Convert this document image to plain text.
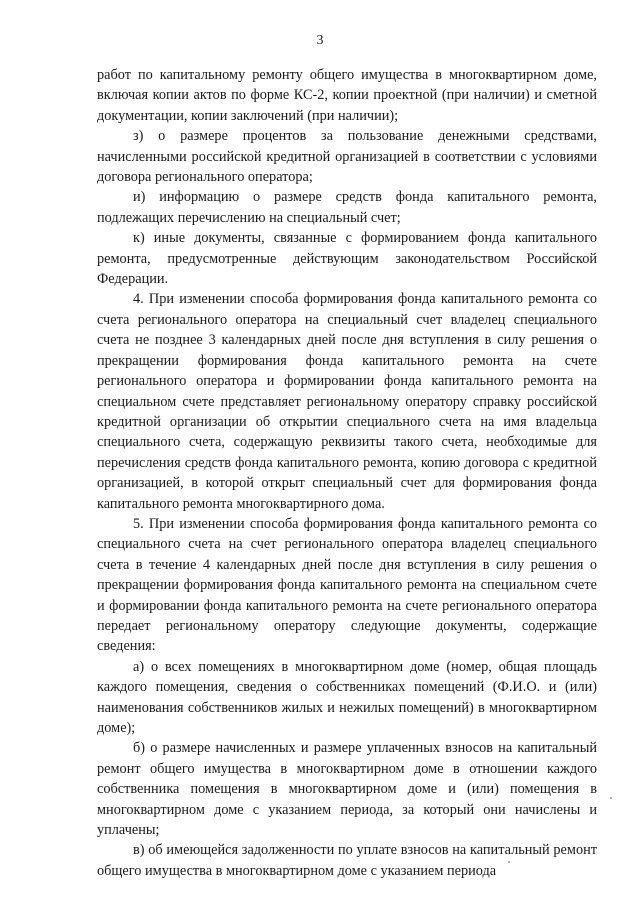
3

работ по капитальному ремонту общего имущества в многоквартирном доме, включая копии актов по форме КС-2, копии проектной (при наличии) и сметной документации, копии заключений (при наличии);

з) о размере процентов за пользование денежными средствами, начисленными российской кредитной организацией в соответствии с условиями договора регионального оператора;

и) информацию о размере средств фонда капитального ремонта, подлежащих перечислению на специальный счет;

к) иные документы, связанные с формированием фонда капитального ремонта, предусмотренные действующим законодательством Российской Федерации.

4. При изменении способа формирования фонда капитального ремонта со счета регионального оператора на специальный счет владелец специального счета не позднее 3 календарных дней после дня вступления в силу решения о прекращении формирования фонда капитального ремонта на счете регионального оператора и формировании фонда капитального ремонта на специальном счете представляет региональному оператору справку российской кредитной организации об открытии специального счета на имя владельца специального счета, содержащую реквизиты такого счета, необходимые для перечисления средств фонда капитального ремонта, копию договора с кредитной организацией, в которой открыт специальный счет для формирования фонда капитального ремонта многоквартирного дома.

5. При изменении способа формирования фонда капитального ремонта со специального счета на счет регионального оператора владелец специального счета в течение 4 календарных дней после дня вступления в силу решения о прекращении формирования фонда капитального ремонта на специальном счете и формировании фонда капитального ремонта на счете регионального оператора передает региональному оператору следующие документы, содержащие сведения:

а) о всех помещениях в многоквартирном доме (номер, общая площадь каждого помещения, сведения о собственниках помещений (Ф.И.О. и (или) наименования собственников жилых и нежилых помещений) в многоквартирном доме);

б) о размере начисленных и размере уплаченных взносов на капитальный ремонт общего имущества в многоквартирном доме в отношении каждого собственника помещения в многоквартирном доме и (или) помещения в многоквартирном доме с указанием периода, за который они начислены и уплачены;

в) об имеющейся задолженности по уплате взносов на капитальный ремонт общего имущества в многоквартирном доме с указанием периода
